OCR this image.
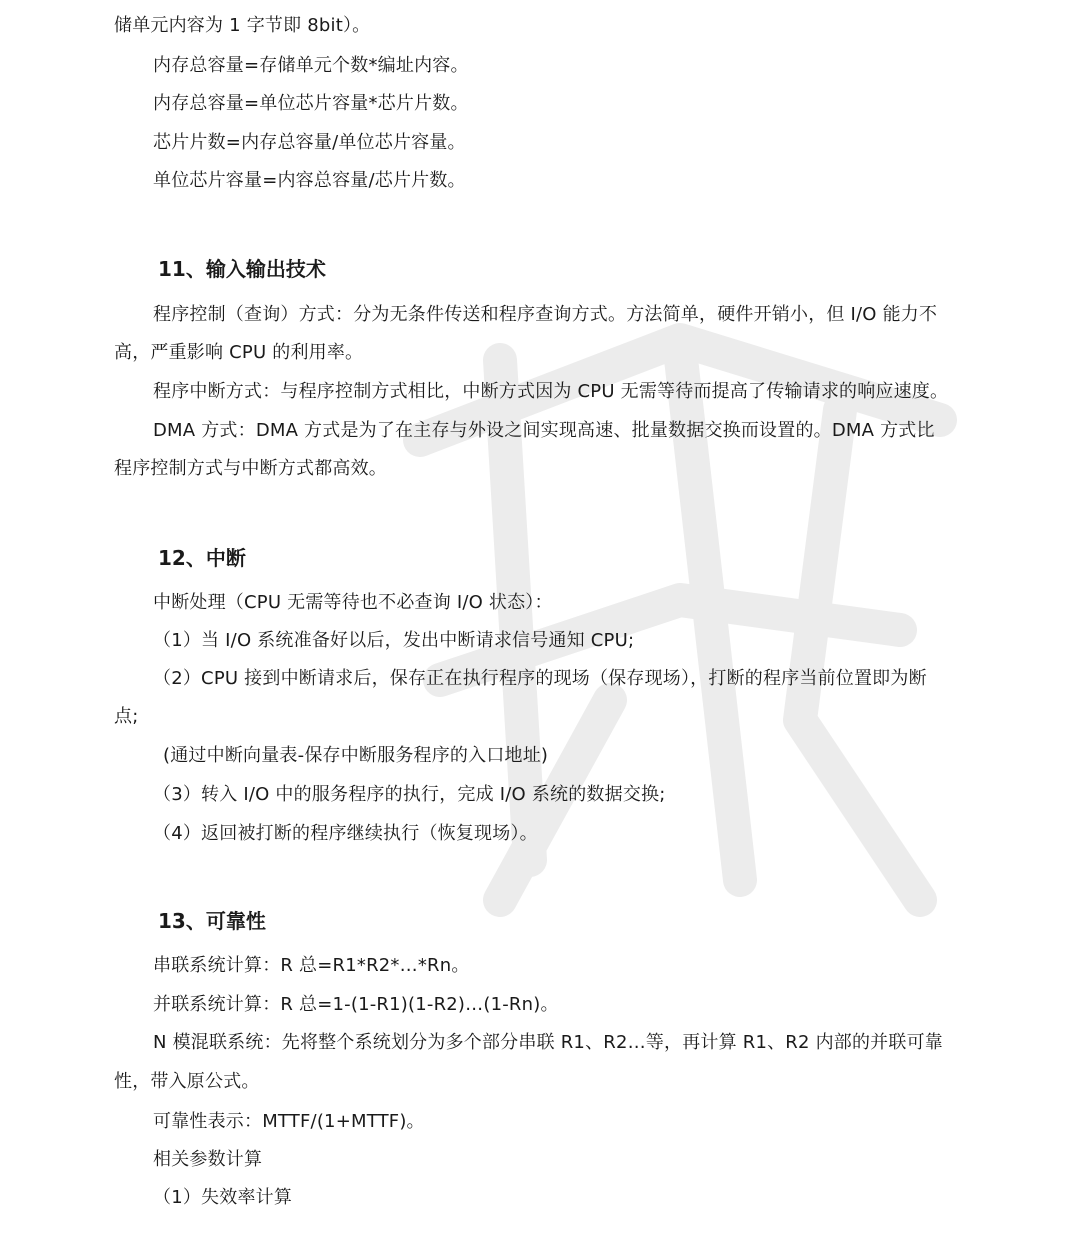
储单元内容为 1 字节即 8bit）。
内存总容量=存储单元个数*编址内容。
内存总容量=单位芯片容量*芯片片数。
芯片片数=内存总容量/单位芯片容量。
单位芯片容量=内容总容量/芯片片数。
11、输入输出技术
程序控制（查询）方式：分为无条件传送和程序查询方式。方法简单，硬件开销小，但 I/O 能力不
高，严重影响 CPU 的利用率。
程序中断方式：与程序控制方式相比，中断方式因为 CPU 无需等待而提高了传输请求的响应速度。
DMA 方式：DMA 方式是为了在主存与外设之间实现高速、批量数据交换而设置的。DMA 方式比
程序控制方式与中断方式都高效。
12、中断
中断处理（CPU 无需等待也不必查询 I/O 状态）：
（1）当 I/O 系统准备好以后，发出中断请求信号通知 CPU;
（2）CPU 接到中断请求后，保存正在执行程序的现场（保存现场），打断的程序当前位置即为断
点;
(通过中断向量表-保存中断服务程序的入口地址)
（3）转入 I/O 中的服务程序的执行，完成 I/O 系统的数据交换;
（4）返回被打断的程序继续执行（恢复现场）。
13、可靠性
串联系统计算：R 总=R1*R2*…*Rn。
并联系统计算：R 总=1-(1-R1)(1-R2)…(1-Rn)。
N 模混联系统：先将整个系统划分为多个部分串联 R1、R2…等，再计算 R1、R2 内部的并联可靠
性，带入原公式。
可靠性表示：MTTF/(1+MTTF)。
相关参数计算
（1）失效率计算
